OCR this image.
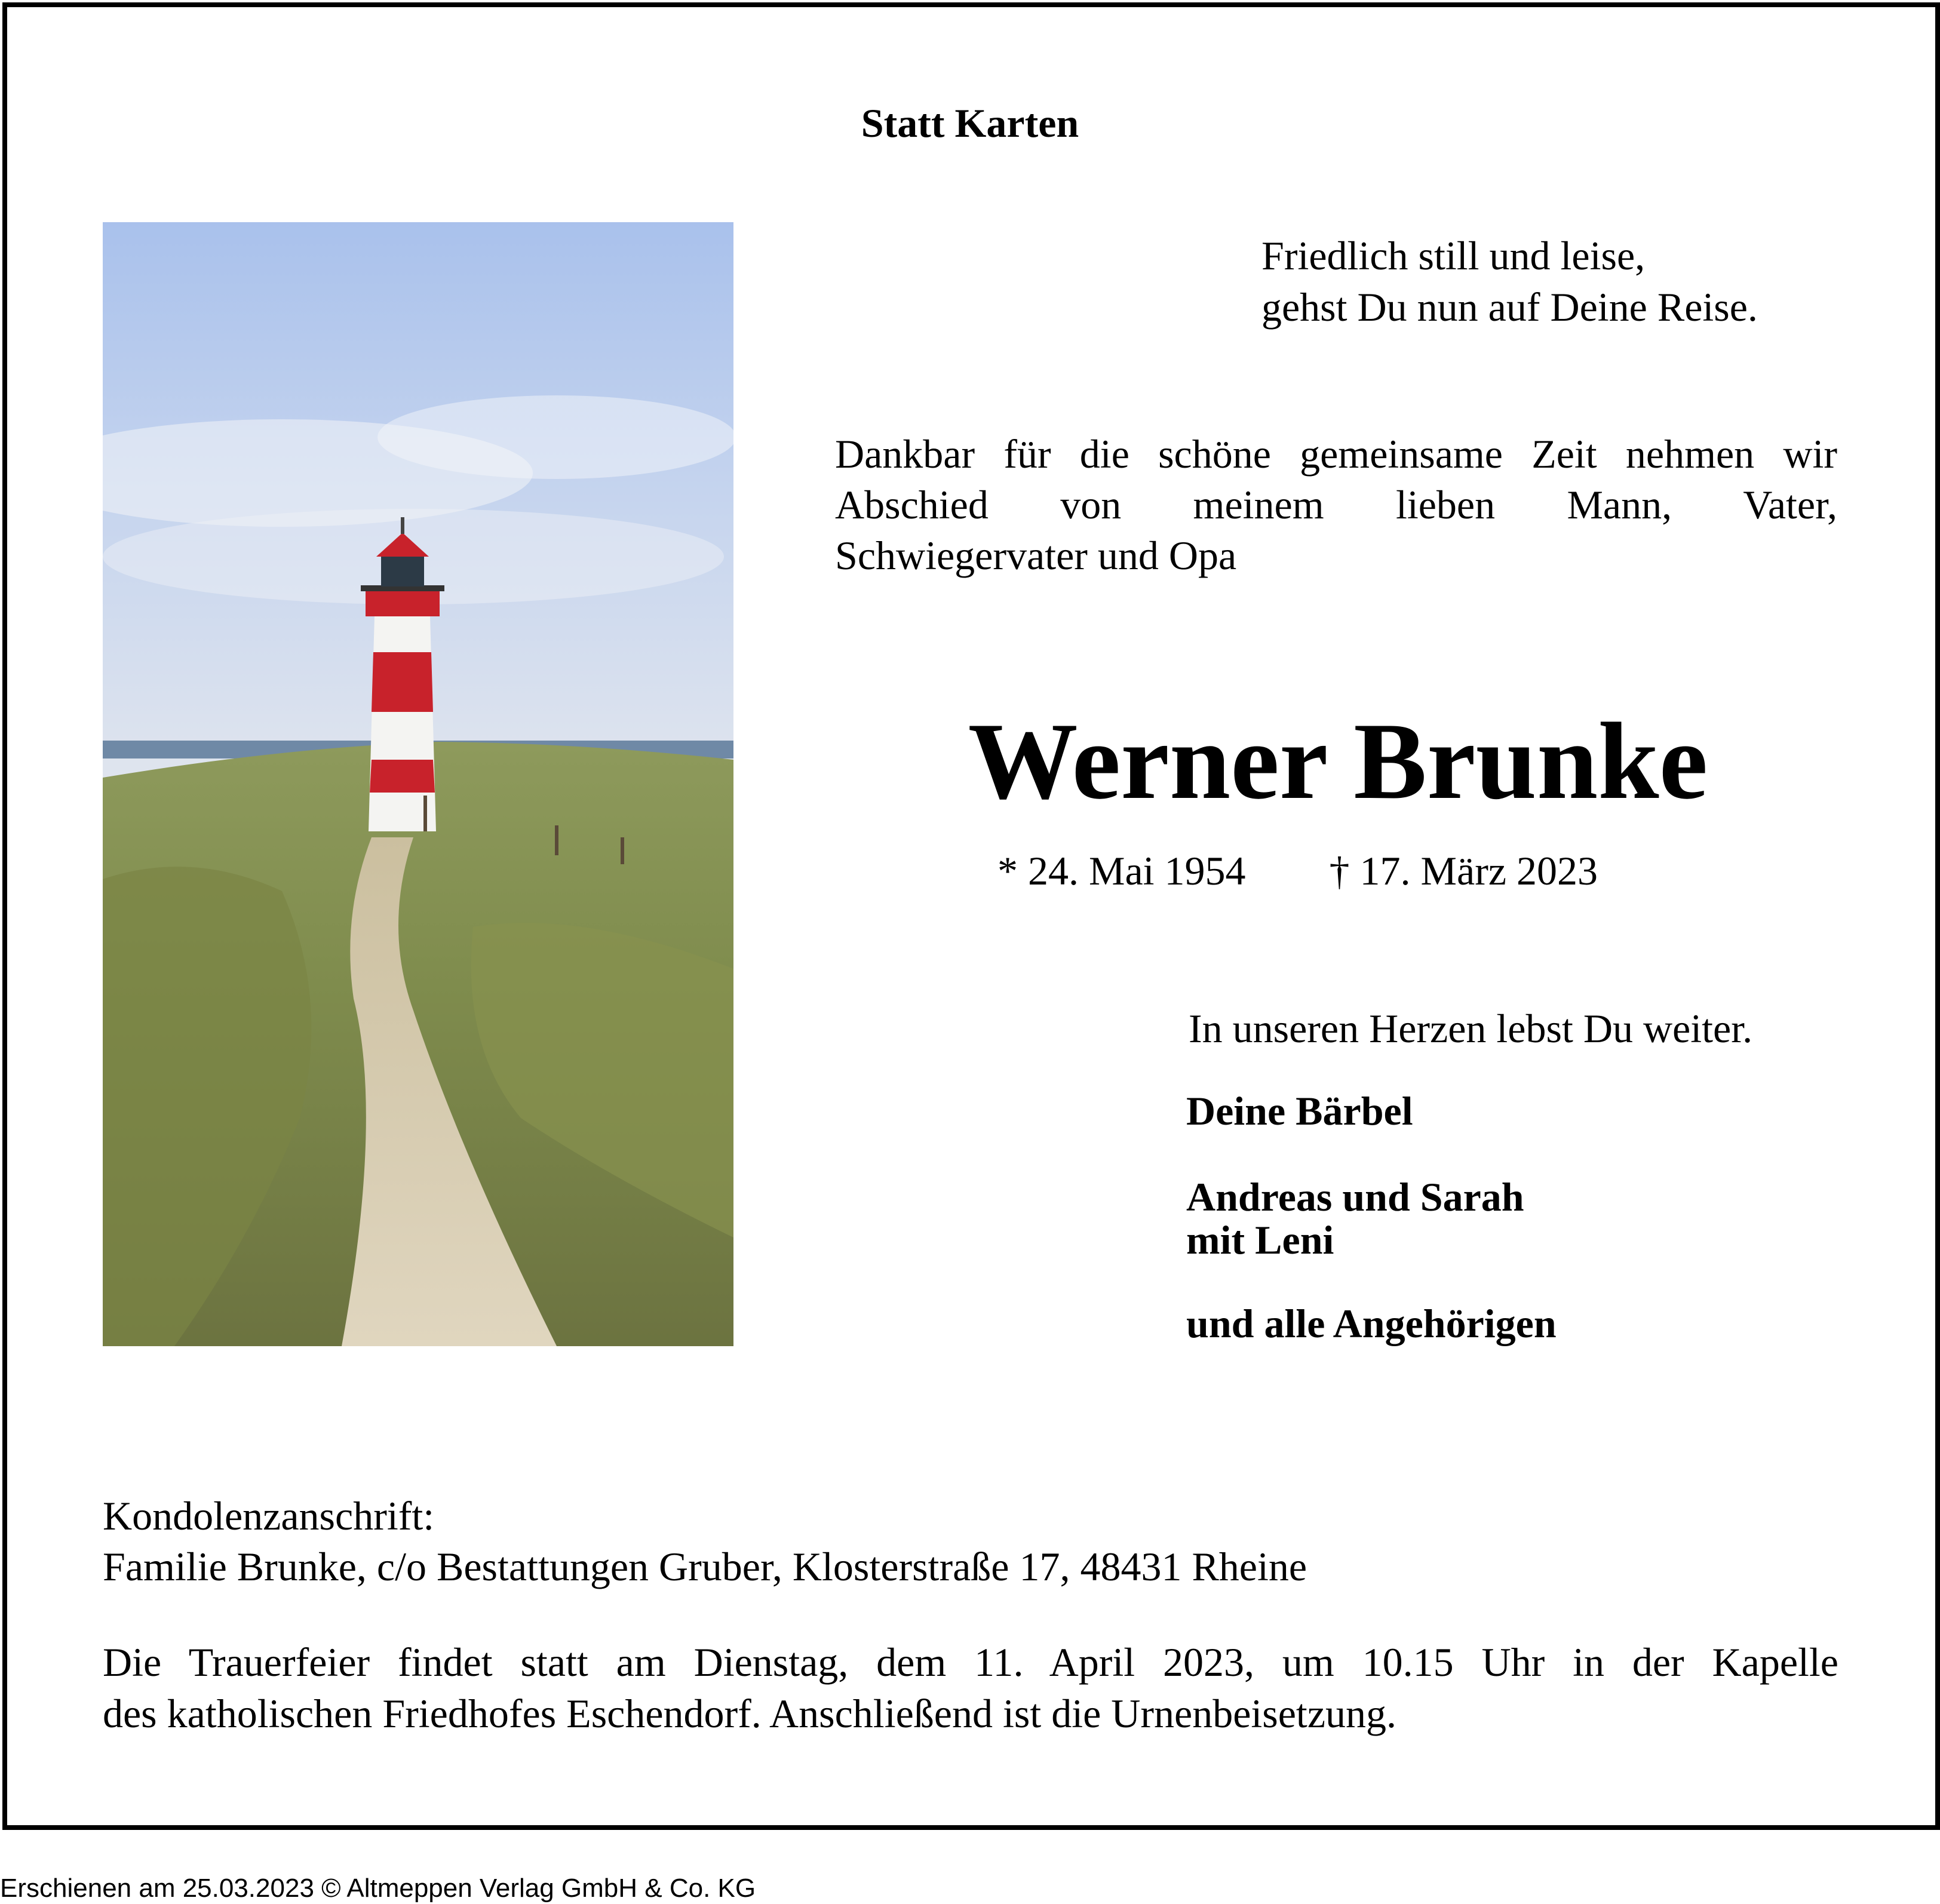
Statt Karten
Friedlich still und leise,
gehst Du nun auf Deine Reise.
Dankbar für die schöne gemeinsame Zeit nehmen wir
Abschied von meinem lieben Mann, Vater,
Schwiegervater und Opa
Werner Brunke
* 24. Mai 1954 † 17. März 2023
In unseren Herzen lebst Du weiter.
Deine Bärbel
Andreas und Sarah
mit Leni
und alle Angehörigen
Kondolenzanschrift:
Familie Brunke, c/o Bestattungen Gruber, Klosterstraße 17, 48431 Rheine
Die Trauerfeier findet statt am Dienstag, dem 11. April 2023, um 10.15 Uhr in der Kapelle
des katholischen Friedhofes Eschendorf. Anschließend ist die Urnenbeisetzung.
Erschienen am 25.03.2023 © Altmeppen Verlag GmbH & Co. KG
